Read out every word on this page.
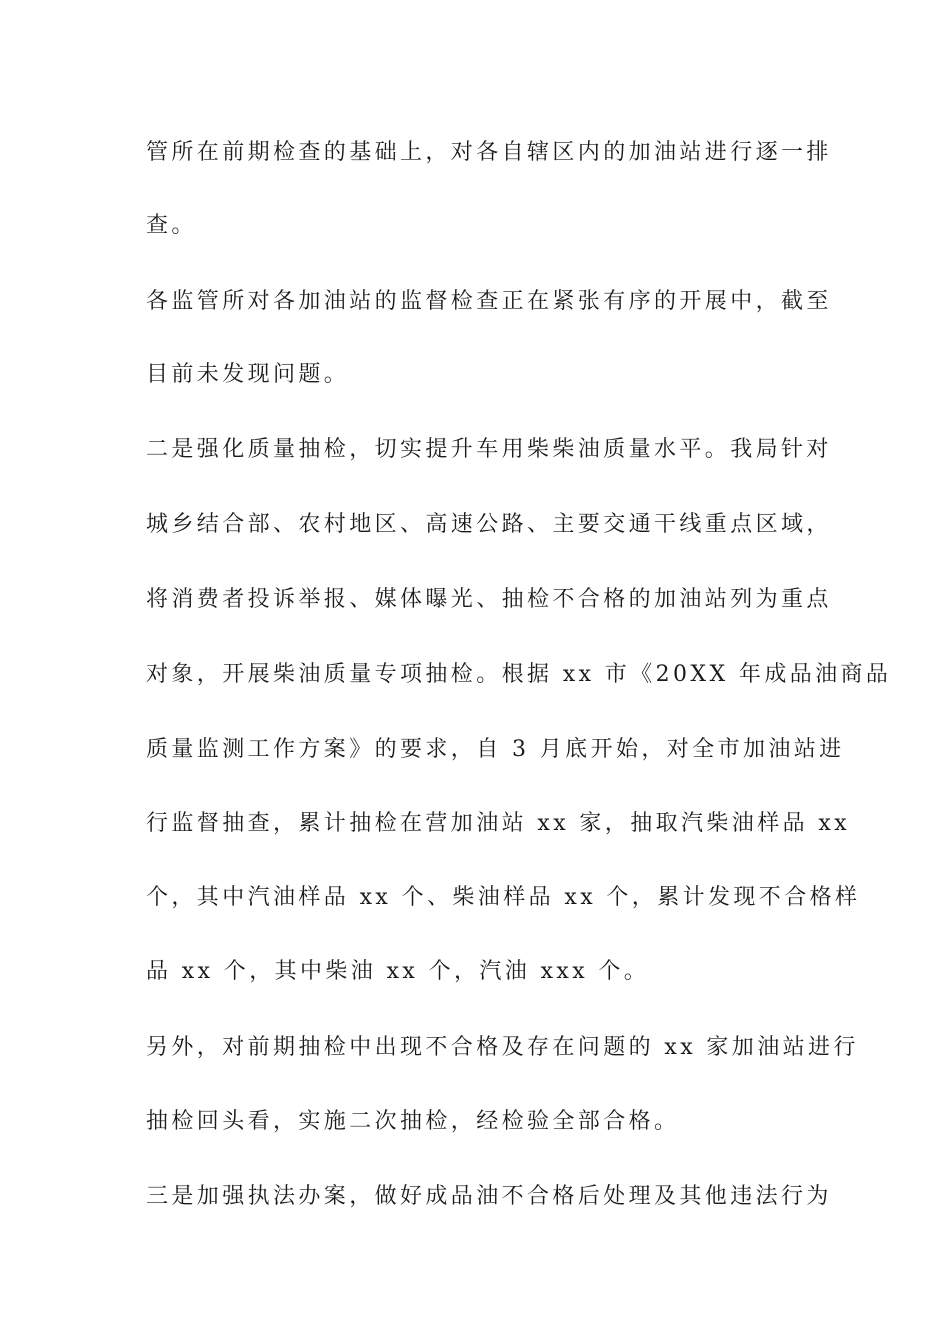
管所在前期检查的基础上，对各自辖区内的加油站进行逐一排
查。
各监管所对各加油站的监督检查正在紧张有序的开展中，截至
目前未发现问题。
二是强化质量抽检，切实提升车用柴柴油质量水平。我局针对
城乡结合部、农村地区、高速公路、主要交通干线重点区域，
将消费者投诉举报、媒体曝光、抽检不合格的加油站列为重点
对象，开展柴油质量专项抽检。根据 xx 市《20XX 年成品油商品
质量监测工作方案》的要求，自 3 月底开始，对全市加油站进
行监督抽查，累计抽检在营加油站 xx 家，抽取汽柴油样品 xx
个，其中汽油样品 xx 个、柴油样品 xx 个，累计发现不合格样
品 xx 个，其中柴油 xx 个，汽油 xxx 个。
另外，对前期抽检中出现不合格及存在问题的 xx 家加油站进行
抽检回头看，实施二次抽检，经检验全部合格。
三是加强执法办案，做好成品油不合格后处理及其他违法行为
